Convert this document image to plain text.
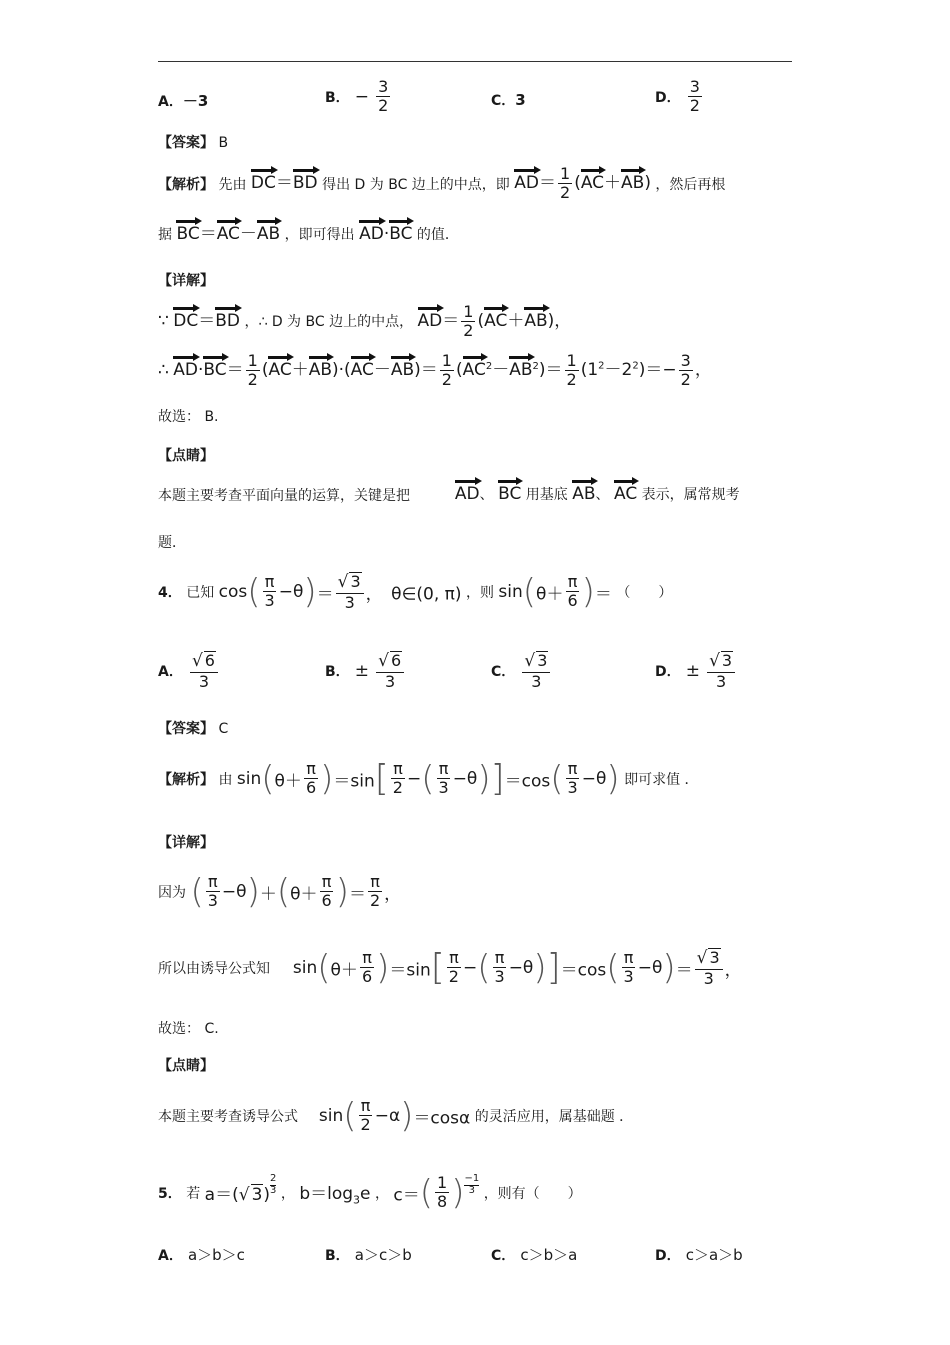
A．－3	B． − $\frac{3}{2}$	C．3	D． $\frac{3}{2}$
【答案】 B
【解析】 先由 DC＝BD 得出 D 为 BC 边上的中点，即 $AD= \frac{1}{2} (AC+AB)$ ，然后再根
据 BC＝AC－AB ，即可得出 AD·BC 的值．
【详解】
∵ DC＝BD ，∴ D 为 BC 边上的中点， $AD= \frac{1}{2} (AC+AB)$，
∴ $AD\cdot BC= \frac{1}{2} (AC+AB)\cdot(AC-AB)= \frac{1}{2} (AC^2-AB^2)= \frac{1}{2} (1^2-2^2)=- \frac{3}{2}$ ，
故选： B.
【点睛】
本题主要考查平面向量的运算，关键是把	AD、 BC 用基底 AB、 AC 表示，属常规考
题．
4． 已知 $\cos( \frac{\pi}{3} -\theta)= \frac{√ 3}{3}$ ，　θ∈(0, π) ，则 $\sin(\theta+ \frac{\pi}{6}$ )＝ （　　）
A． $\frac{√ 6}{3}$	B． ± $\frac{√ 6}{3}$	C． $\frac{√ 3}{3}$	D． ± $\frac{√ 3}{3}$
【答案】 C
【解析】 由 $\sin(\theta+ \frac{\pi}{6} )=\sin[ \frac{\pi}{2}$ −( $\frac{\pi}{3} -\theta)]=\cos( \frac{\pi}{3} -\theta)$ 即可求值 ．
【详解】
因为 ( $\frac{\pi}{3} -\theta)+(\theta+ \frac{\pi}{6}$ )＝ $\frac{\pi}{2}$ ，
所以由诱导公式知 $\sin(\theta+ \frac{\pi}{6} )=\sin[ \frac{\pi}{2}$ −( $\frac{\pi}{3} -\theta)]=\cos( \frac{\pi}{3} -\theta)= \frac{√ 3}{3}$ ，
故选： C.
【点睛】
本题主要考查诱导公式 $\sin( \frac{\pi}{2} -\alpha)=\cos\alpha$ 的灵活应用，属基础题 ．
5． 若 a＝(√ $3) \frac{2}{3}$ ， $b=\log_3e$ ， $c=( \frac{1}{8}$ ) $\frac{-1}{3}$ ，则有（　　）
A． a＞b＞c	B． a＞c＞b	C． c＞b＞a	D． c＞a＞b
